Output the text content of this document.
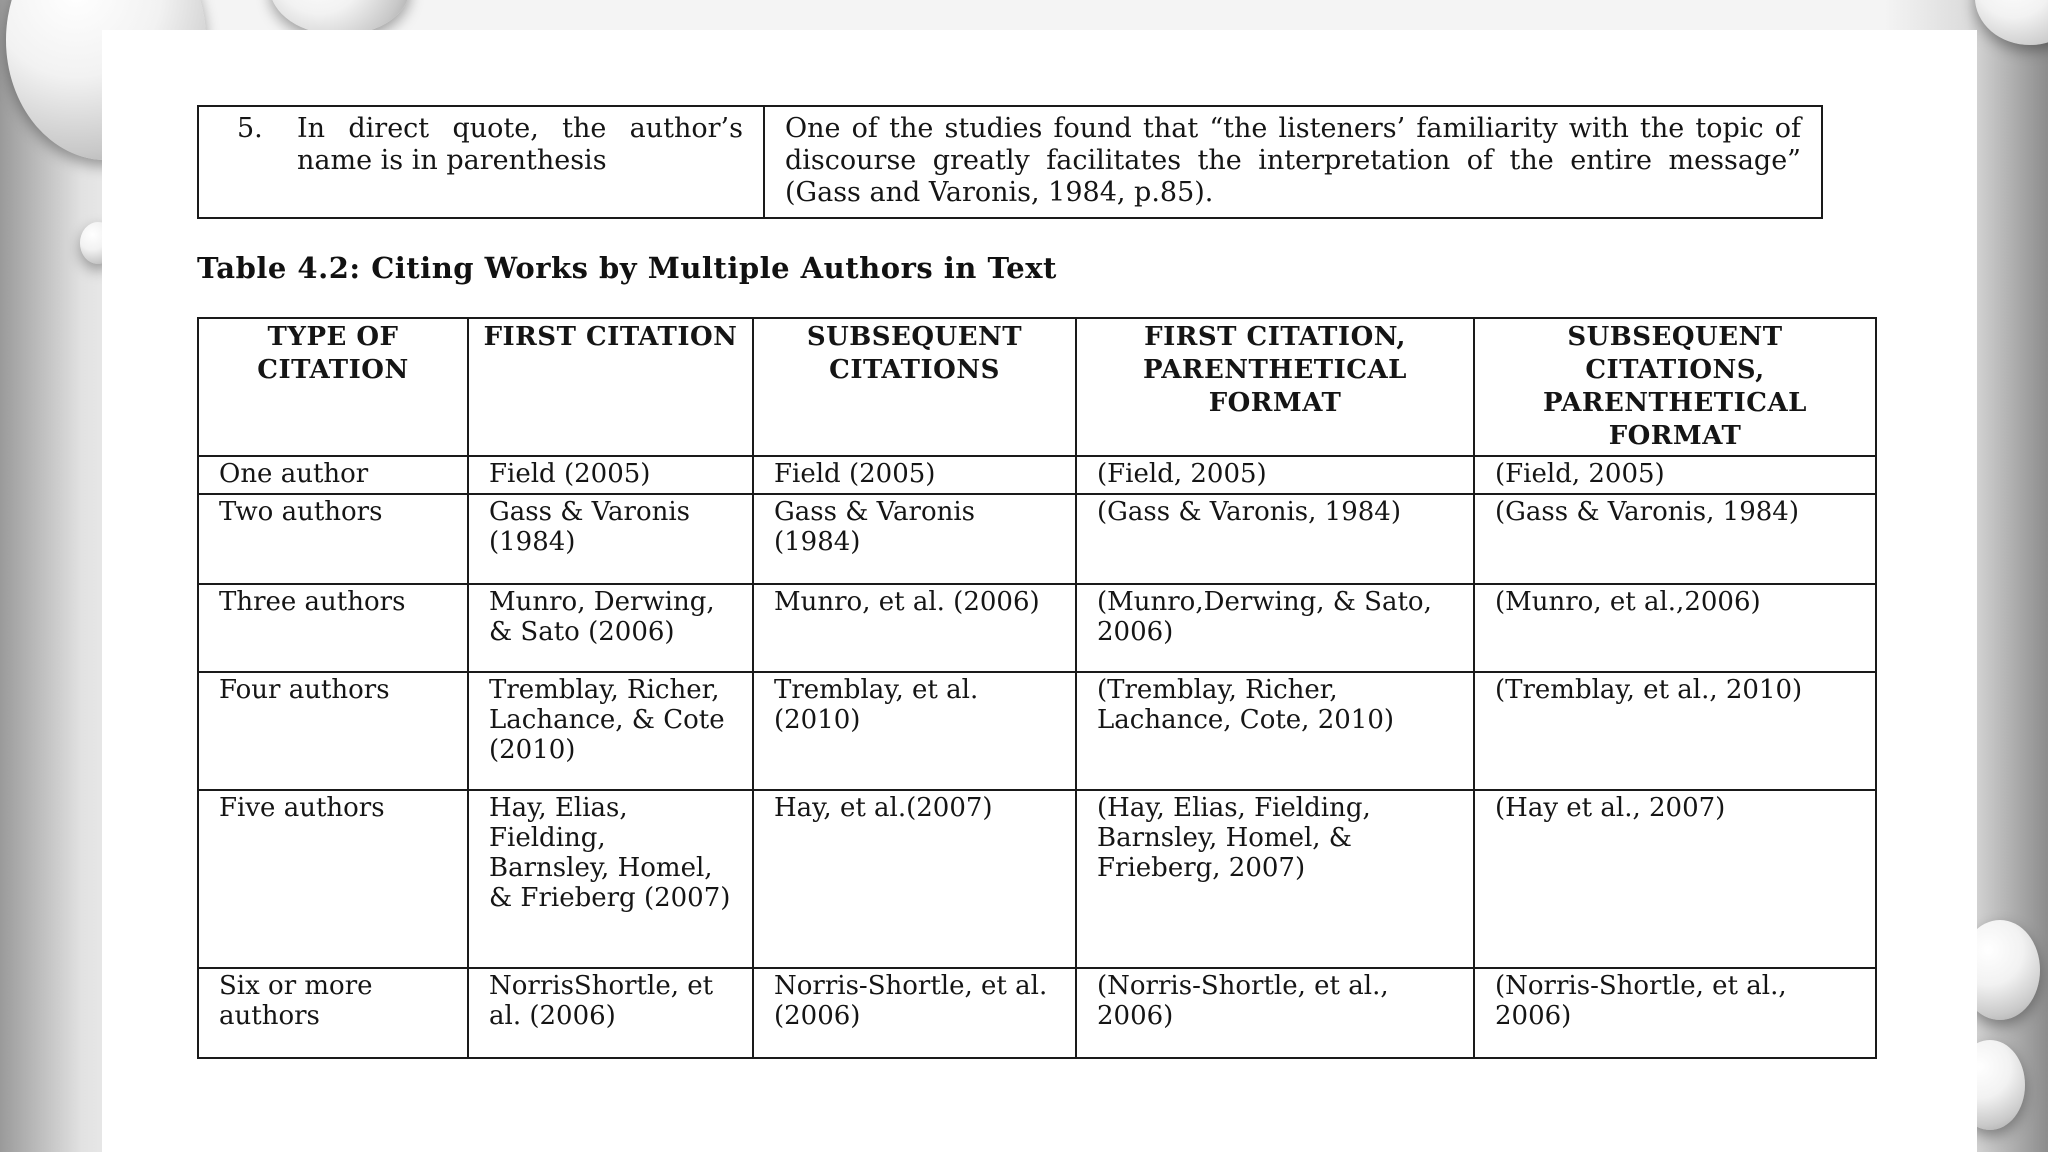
5. In direct quote, the author’s name is in parenthesis
	One of the studies found that “the listeners’ familiarity with the topic of discourse greatly facilitates the interpretation of the entire message” (Gass and Varonis, 1984, p.85).
Table 4.2: Citing Works by Multiple Authors in Text
TYPE OF CITATION	FIRST CITATION	SUBSEQUENT CITATIONS	FIRST CITATION, PARENTHETICAL FORMAT	SUBSEQUENT CITATIONS, PARENTHETICAL FORMAT
One author	Field (2005)	Field (2005)	(Field, 2005)	(Field, 2005)
Two authors	Gass & Varonis (1984)	Gass & Varonis (1984)	(Gass & Varonis, 1984)	(Gass & Varonis, 1984)
Three authors	Munro, Derwing, & Sato (2006)	Munro, et al. (2006)	(Munro,Derwing, & Sato, 2006)	(Munro, et al.,2006)
Four authors	Tremblay, Richer, Lachance, & Cote (2010)	Tremblay, et al. (2010)	(Tremblay, Richer, Lachance, Cote, 2010)	(Tremblay, et al., 2010)
Five authors	Hay, Elias, Fielding, Barnsley, Homel, & Frieberg (2007)	Hay, et al.(2007)	(Hay, Elias, Fielding, Barnsley, Homel, & Frieberg, 2007)	(Hay et al., 2007)
Six or more authors	NorrisShortle, et al. (2006)	Norris-Shortle, et al. (2006)	(Norris-Shortle, et al., 2006)	(Norris-Shortle, et al., 2006)
